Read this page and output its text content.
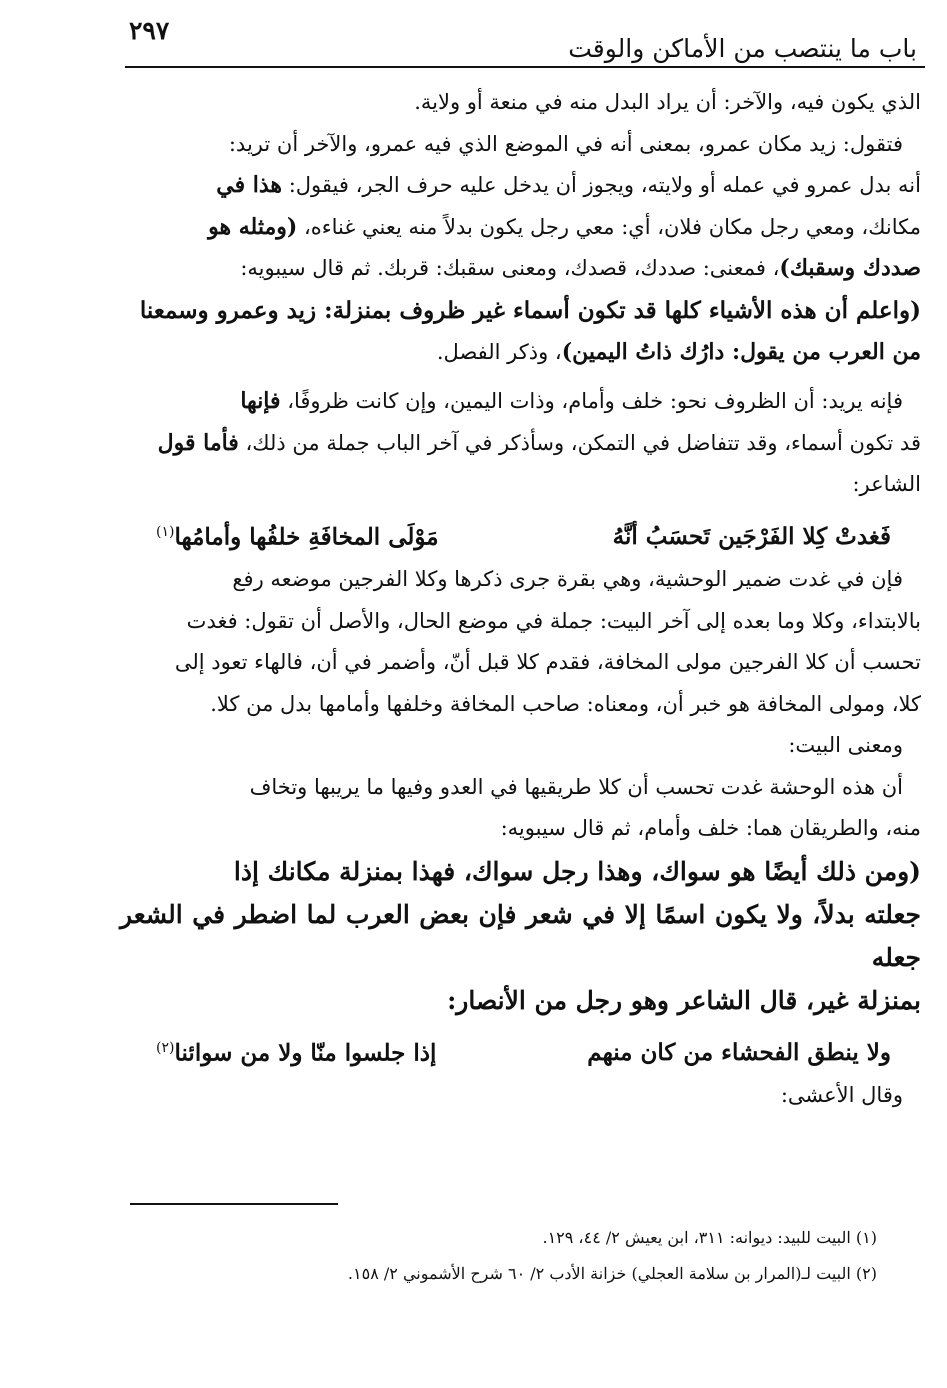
باب ما ينتصب من الأماكن والوقت
٢٩٧

الذي يكون فيه، والآخر: أن يراد البدل منه في منعة أو ولاية.

فتقول: زيد مكان عمرو، بمعنى أنه في الموضع الذي فيه عمرو، والآخر أن تريد:

أنه بدل عمرو في عمله أو ولايته، ويجوز أن يدخل عليه حرف الجر، فيقول: هذا في

مكانك، ومعي رجل مكان فلان، أي: معي رجل يكون بدلاً منه يعني غناءه، (ومثله هو

صددك وسقبك)، فمعنى: صددك، قصدك، ومعنى سقبك: قربك. ثم قال سيبويه:

(واعلم أن هذه الأشياء كلها قد تكون أسماء غير ظروف بمنزلة: زيد وعمرو وسمعنا

من العرب من يقول: دارُك ذاتُ اليمين)، وذكر الفصل.

فإنه يريد: أن الظروف نحو: خلف وأمام، وذات اليمين، وإن كانت ظروفًا، فإنها

قد تكون أسماء، وقد تتفاضل في التمكن، وسأذكر في آخر الباب جملة من ذلك، فأما قول

الشاعر:

فَغدتْ كِلا الفَرْجَين تَحسَبُ أنَّهُ
مَوْلَى المخافَةِ خلفُها وأمامُها$^{(١)}$

فإن في غدت ضمير الوحشية، وهي بقرة جرى ذكرها وكلا الفرجين موضعه رفع

بالابتداء، وكلا وما بعده إلى آخر البيت: جملة في موضع الحال، والأصل أن تقول: فغدت

تحسب أن كلا الفرجين مولى المخافة، فقدم كلا قبل أنّ، وأضمر في أن، فالهاء تعود إلى

كلا، ومولى المخافة هو خبر أن، ومعناه: صاحب المخافة وخلفها وأمامها بدل من كلا.

ومعنى البيت:

أن هذه الوحشة غدت تحسب أن كلا طريقيها في العدو وفيها ما يريبها وتخاف

منه، والطريقان هما: خلف وأمام، ثم قال سيبويه:

(ومن ذلك أيضًا هو سواك، وهذا رجل سواك، فهذا بمنزلة مكانك إذا

جعلته بدلاً، ولا يكون اسمًا إلا في شعر فإن بعض العرب لما اضطر في الشعر جعله

بمنزلة غير، قال الشاعر وهو رجل من الأنصار:

ولا ينطق الفحشاء من كان منهم
إذا جلسوا منّا ولا من سوائنا$^{(٢)}$

وقال الأعشى:

(١) البيت للبيد: ديوانه: ٣١١، ابن يعيش ٢/ ٤٤، ١٢٩.

(٢) البيت لـ(المرار بن سلامة العجلي) خزانة الأدب ٢/ ٦٠ شرح الأشموني ٢/ ١٥٨.
